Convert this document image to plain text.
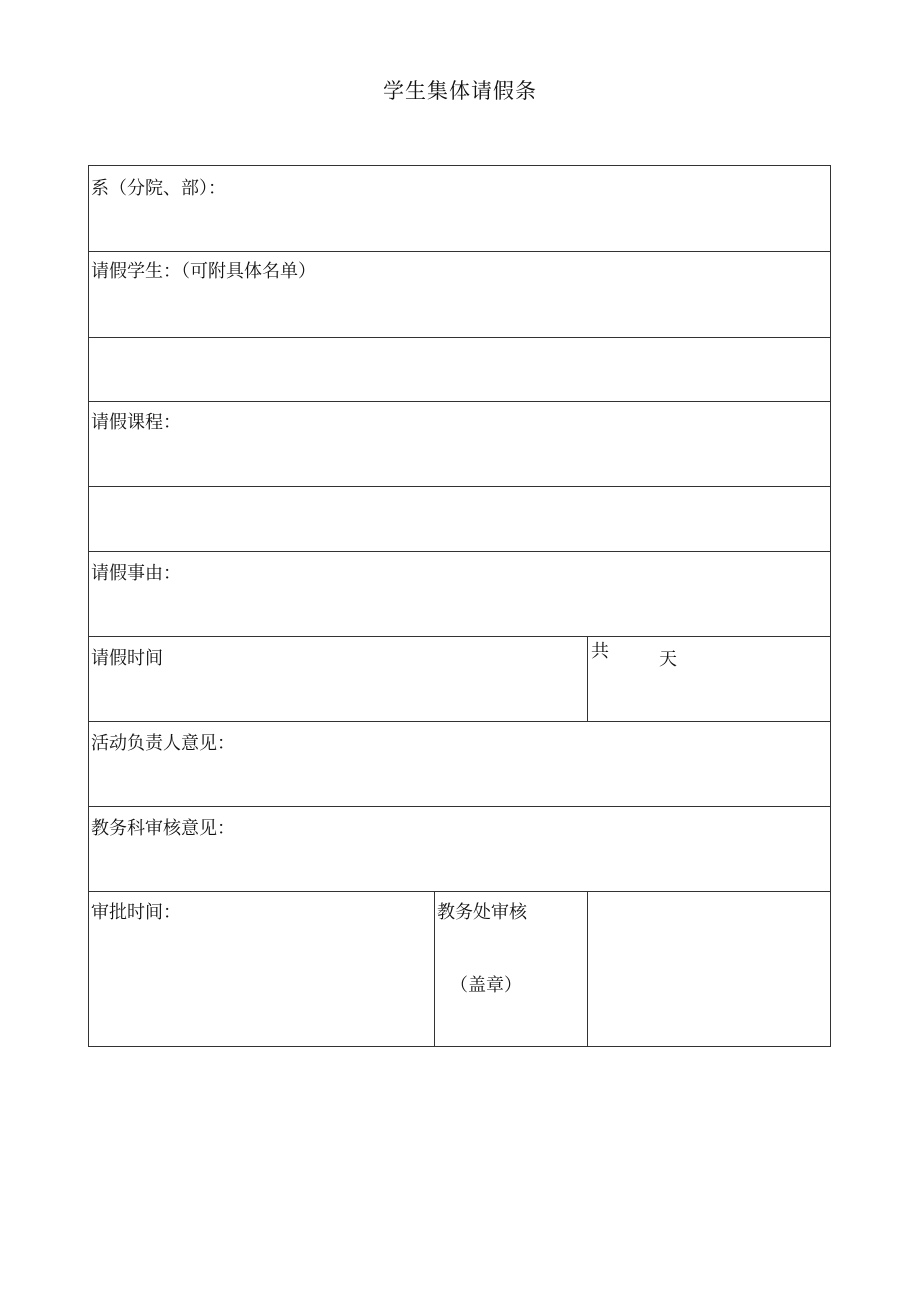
学生集体请假条
系（分院、部）：
请假学生：（可附具体名单）
请假课程：
请假事由：
请假时间	共	天
活动负责人意见：
教务科审核意见：
审批时间：	教务处审核
（盖章）
